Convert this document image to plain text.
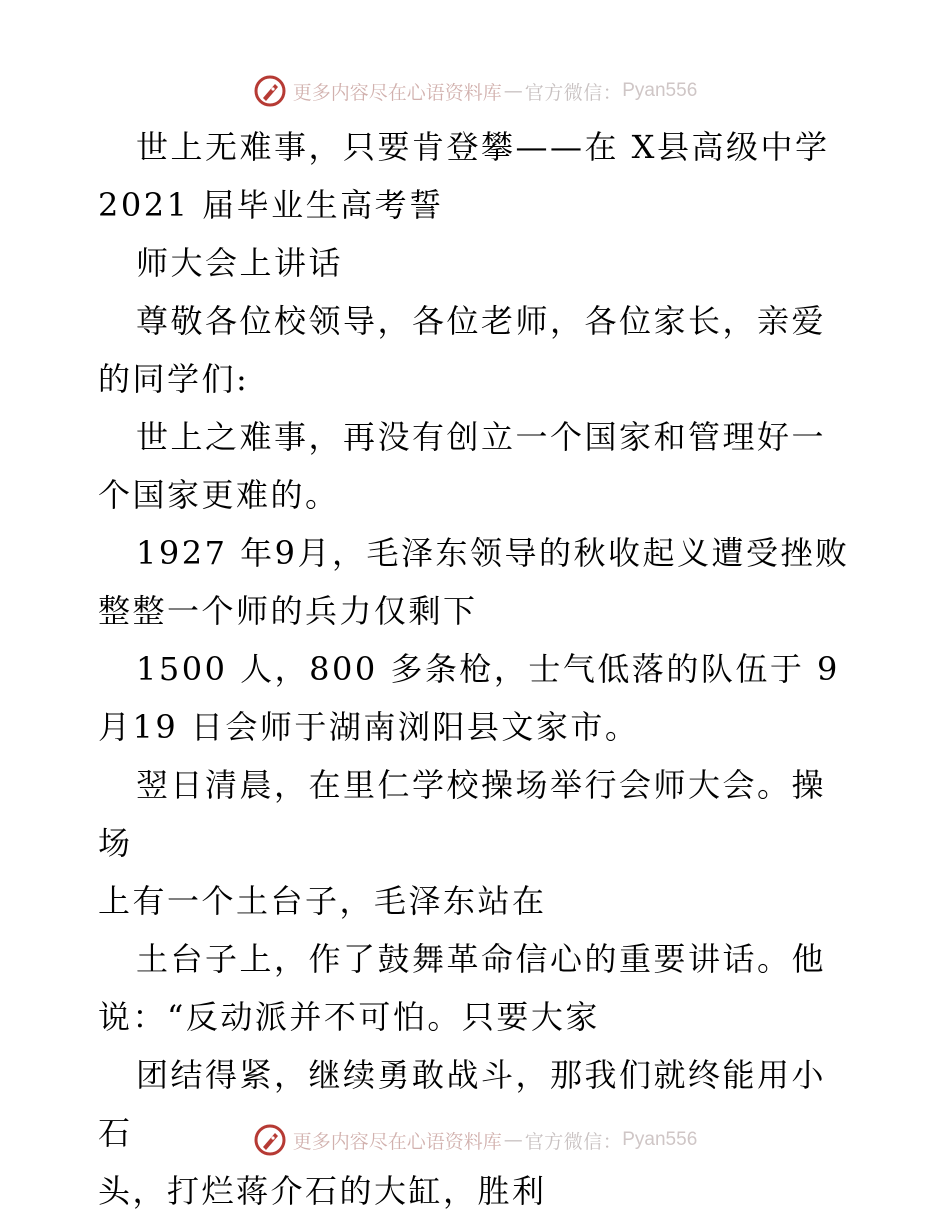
更多内容尽在心语资料库 — 官方微信： Pyan556

世上无难事，只要肯登攀——在 X县高级中学

2021 届毕业生高考誓

师大会上讲话

尊敬各位校领导，各位老师，各位家长，亲爱的同学们:

世上之难事，再没有创立一个国家和管理好一个国家更难的。

1927 年9月，毛泽东领导的秋收起义遭受挫败

整整一个师的兵力仅剩下

1500 人，800 多条枪，士气低落的队伍于 9月19 日会师于湖南浏阳县文家市。

翌日清晨，在里仁学校操场举行会师大会。操场

上有一个土台子，毛泽东站在

土台子上，作了鼓舞革命信心的重要讲话。他

说：“反动派并不可怕。只要大家

团结得紧，继续勇敢战斗，那我们就终能用小石

头，打烂蒋介石的大缸，胜利

更多内容尽在心语资料库 — 官方微信： Pyan556
